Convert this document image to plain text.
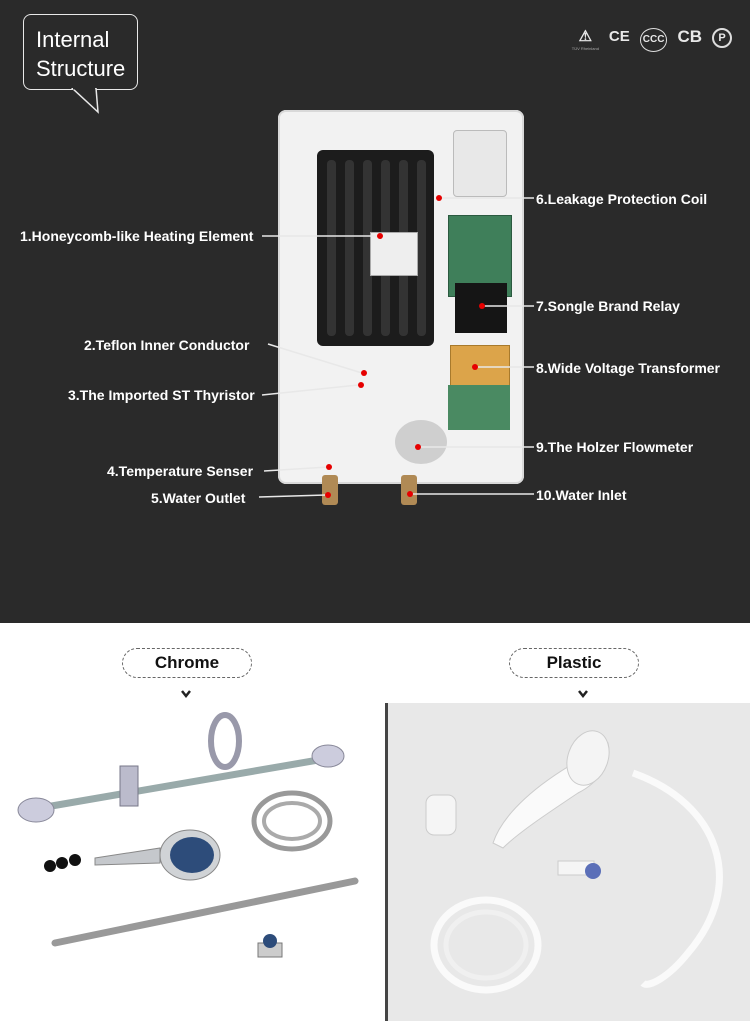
Internal
Structure
⚠
TÜV Rheinland
CE	CCC CB	P
1.Honeycomb-like Heating Element
2.Teflon Inner Conductor
3.The Imported ST Thyristor
4.Temperature Senser
5.Water Outlet
6.Leakage Protection Coil
7.Songle Brand Relay
8.Wide Voltage Transformer
9.The Holzer Flowmeter
10.Water Inlet
Chrome	Plastic
